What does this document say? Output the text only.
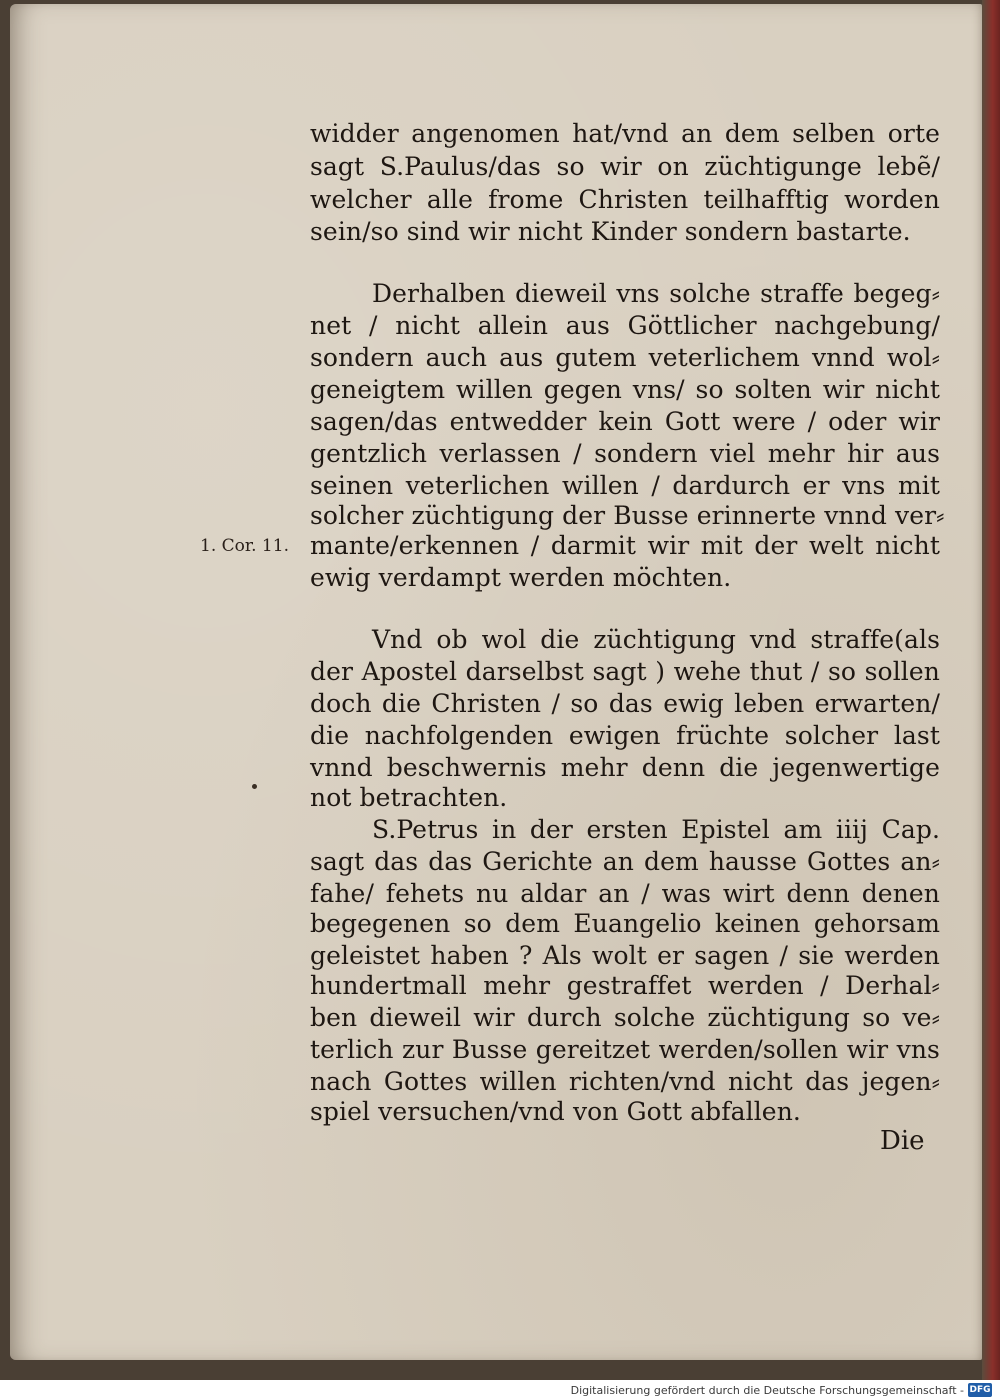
widder angenomen hat/vnd an dem selben orte
sagt S.Paulus/das so wir on züchtigunge lebẽ/
welcher alle frome Christen teilhafftig worden
sein/so sind wir nicht Kinder sondern bastarte.
Derhalben dieweil vns solche straffe begeg⸗
net / nicht allein aus Göttlicher nachgebung/
sondern auch aus gutem veterlichem vnnd wol⸗
geneigtem willen gegen vns/ so solten wir nicht
sagen/das entwedder kein Gott were / oder wir
gentzlich verlassen / sondern viel mehr hir aus
seinen veterlichen willen / dardurch er vns mit
solcher züchtigung der Busse erinnerte vnnd ver⸗
mante/erkennen / darmit wir mit der welt nicht
ewig verdampt werden möchten.
Vnd ob wol die züchtigung vnd straffe(als
der Apostel darselbst sagt ) wehe thut / so sollen
doch die Christen / so das ewig leben erwarten/
die nachfolgenden ewigen früchte solcher last
vnnd beschwernis mehr denn die jegenwertige
not betrachten.
S.Petrus in der ersten Epistel am iiij Cap.
sagt das das Gerichte an dem hausse Gottes an⸗
fahe/ fehets nu aldar an / was wirt denn denen
begegenen so dem Euangelio keinen gehorsam
geleistet haben ? Als wolt er sagen / sie werden
hundertmall mehr gestraffet werden / Derhal⸗
ben dieweil wir durch solche züchtigung so ve⸗
terlich zur Busse gereitzet werden/sollen wir vns
nach Gottes willen richten/vnd nicht das jegen⸗
spiel versuchen/vnd von Gott abfallen.
1. Cor. 11.
Die
Digitalisierung gefördert durch die Deutsche Forschungsgemeinschaft - DFG
